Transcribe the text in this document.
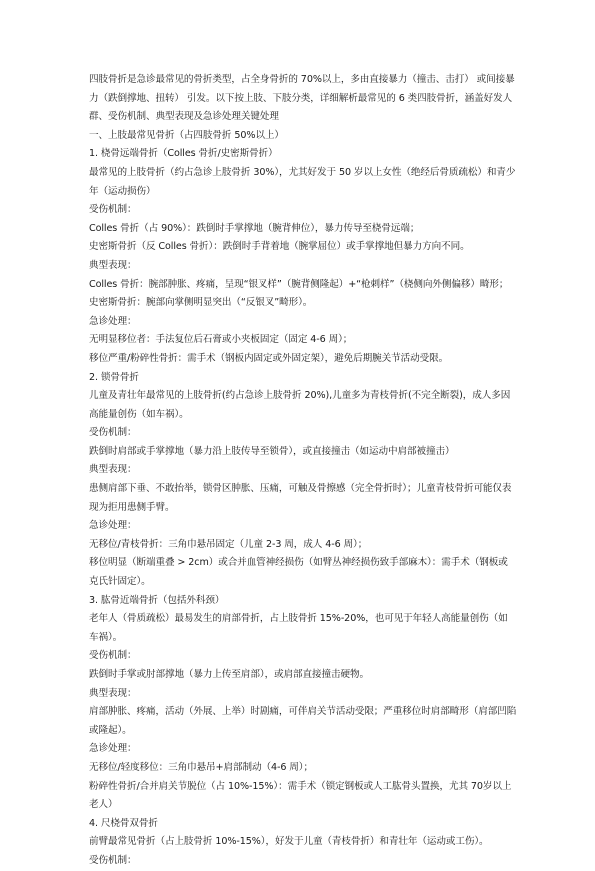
四肢骨折是急诊最常见的骨折类型，占全身骨折的 70%以上，多由直接暴力（撞击、击打） 或间接暴力（跌倒撑地、扭转） 引发。以下按上肢、下肢分类，详细解析最常见的 6 类四肢骨折，涵盖好发人群、受伤机制、典型表现及急诊处理关键处理

一、上肢最常见骨折（占四肢骨折 50%以上）

1. 桡骨远端骨折（Colles 骨折/史密斯骨折）

最常见的上肢骨折（约占急诊上肢骨折 30%），尤其好发于 50 岁以上女性（绝经后骨质疏松）和青少年（运动损伤）

受伤机制：

Colles 骨折（占 90%）：跌倒时手掌撑地（腕背伸位），暴力传导至桡骨远端；

史密斯骨折（反 Colles 骨折）：跌倒时手背着地（腕掌屈位）或手掌撑地但暴力方向不同。

典型表现：

Colles 骨折：腕部肿胀、疼痛，呈现“银叉样”（腕背侧隆起）+“枪刺样”（桡侧向外侧偏移）畸形；

史密斯骨折：腕部向掌侧明显突出（“反银叉”畸形）。

急诊处理：

无明显移位者：手法复位后石膏或小夹板固定（固定 4-6 周）；

移位严重/粉碎性骨折：需手术（钢板内固定或外固定架），避免后期腕关节活动受限。

2. 锁骨骨折

儿童及青壮年最常见的上肢骨折(约占急诊上肢骨折 20%),儿童多为青枝骨折(不完全断裂)，成人多因高能量创伤（如车祸）。

受伤机制：

跌倒时肩部或手掌撑地（暴力沿上肢传导至锁骨），或直接撞击（如运动中肩部被撞击）

典型表现：

患侧肩部下垂、不敢抬举，锁骨区肿胀、压痛，可触及骨擦感（完全骨折时）；儿童青枝骨折可能仅表现为拒用患侧手臂。

急诊处理：

无移位/青枝骨折：三角巾悬吊固定（儿童 2-3 周，成人 4-6 周）；

移位明显（断端重叠 > 2cm）或合并血管神经损伤（如臂丛神经损伤致手部麻木）：需手术（钢板或克氏针固定）。

3. 肱骨近端骨折（包括外科颈）

老年人（骨质疏松）最易发生的肩部骨折，占上肢骨折 15%-20%，也可见于年轻人高能量创伤（如车祸）。

受伤机制：

跌倒时手掌或肘部撑地（暴力上传至肩部），或肩部直接撞击硬物。

典型表现：

肩部肿胀、疼痛，活动（外展、上举）时剧痛，可伴肩关节活动受限；严重移位时肩部畸形（肩部凹陷或隆起）。

急诊处理：

无移位/轻度移位：三角巾悬吊+肩部制动（4-6 周）；

粉碎性骨折/合并肩关节脱位（占 10%-15%）：需手术（锁定钢板或人工肱骨头置换，尤其 70岁以上老人）

4. 尺桡骨双骨折

前臂最常见骨折（占上肢骨折 10%-15%），好发于儿童（青枝骨折）和青壮年（运动或工伤）。

受伤机制：
